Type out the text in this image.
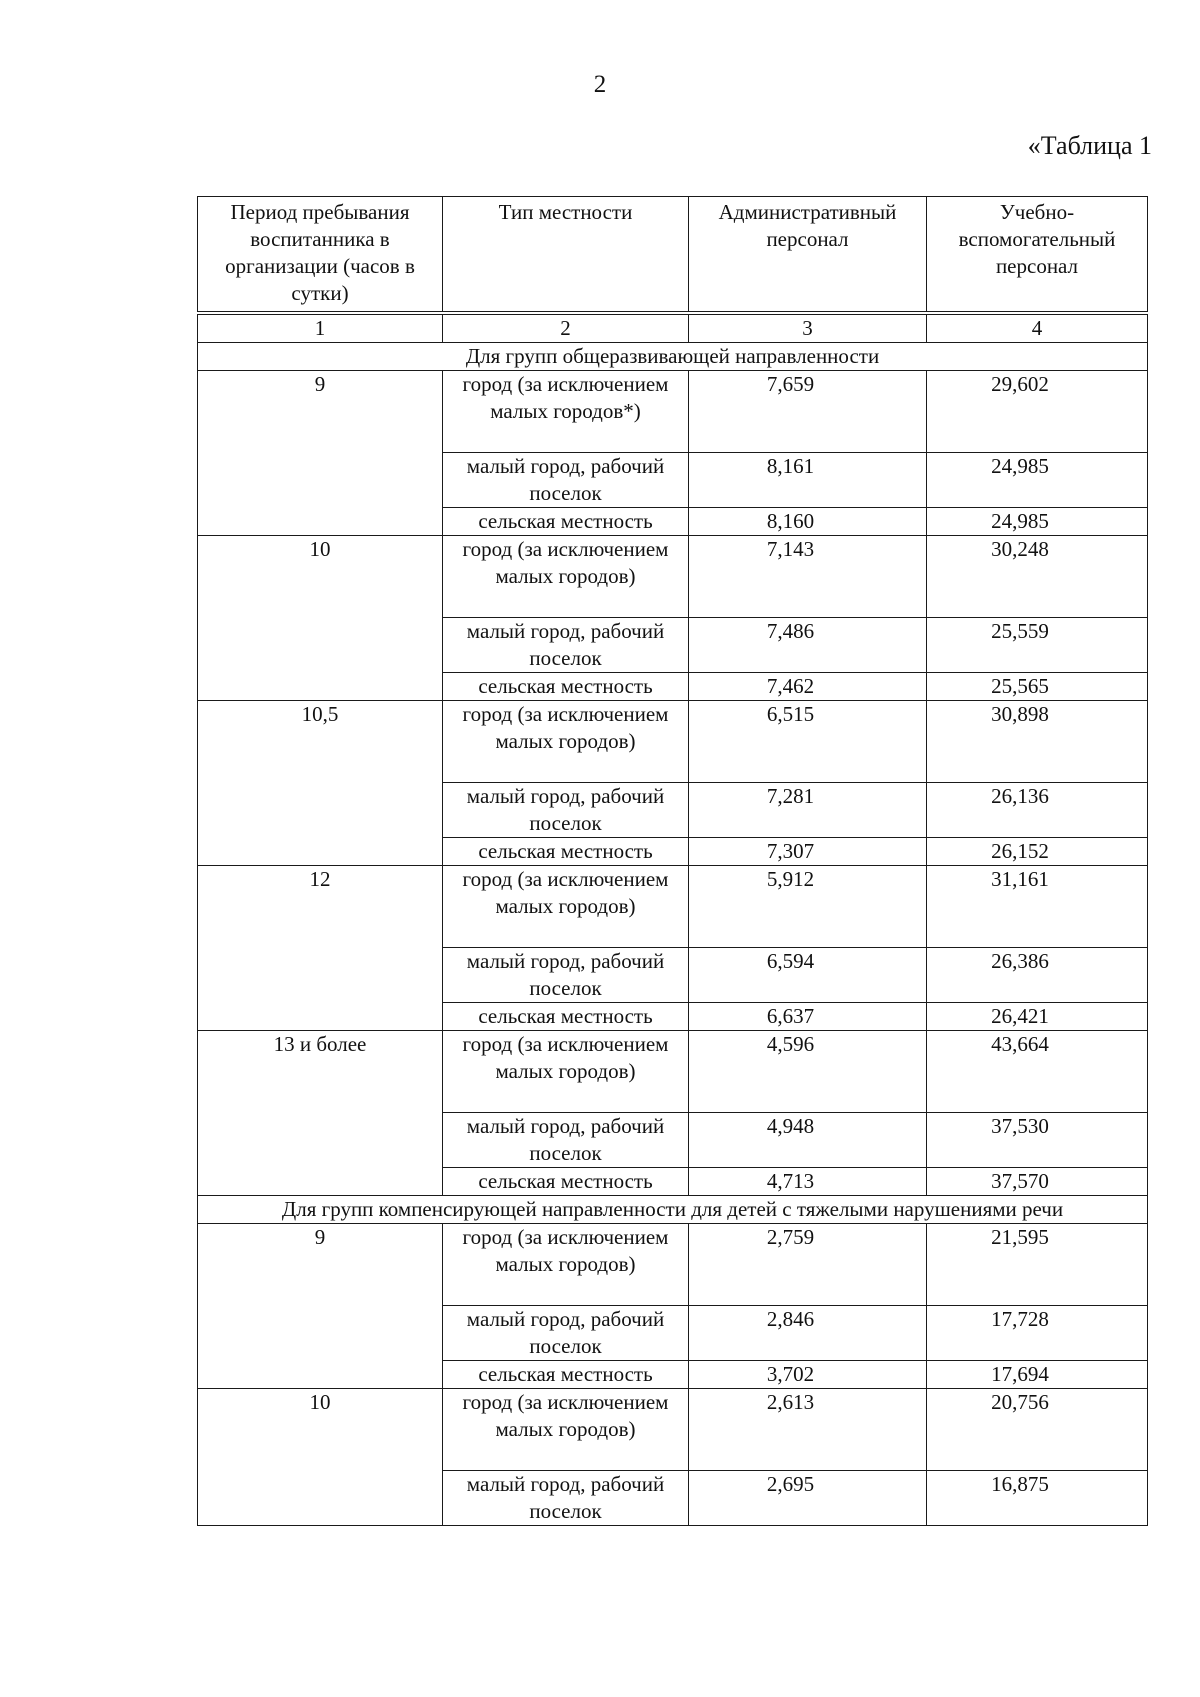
2
«Таблица 1
Период пребывания воспитанника в организации (часов в сутки)	Тип местности	Административный персонал	Учебно-вспомогательный персонал

1	2	3	4
Для групп общеразвивающей направленности			
9	город (за исключением малых городов*)	7,659	29,602
	малый город, рабочий поселок	8,161	24,985
	сельская местность	8,160	24,985
10	город (за исключением малых городов)	7,143	30,248
	малый город, рабочий поселок	7,486	25,559
	сельская местность	7,462	25,565
10,5	город (за исключением малых городов)	6,515	30,898
	малый город, рабочий поселок	7,281	26,136
	сельская местность	7,307	26,152
12	город (за исключением малых городов)	5,912	31,161
	малый город, рабочий поселок	6,594	26,386
	сельская местность	6,637	26,421
13 и более	город (за исключением малых городов)	4,596	43,664
	малый город, рабочий поселок	4,948	37,530
	сельская местность	4,713	37,570
Для групп компенсирующей направленности для детей с тяжелыми нарушениями речи			
9	город (за исключением малых городов)	2,759	21,595
	малый город, рабочий поселок	2,846	17,728
	сельская местность	3,702	17,694
10	город (за исключением малых городов)	2,613	20,756
	малый город, рабочий поселок	2,695	16,875
